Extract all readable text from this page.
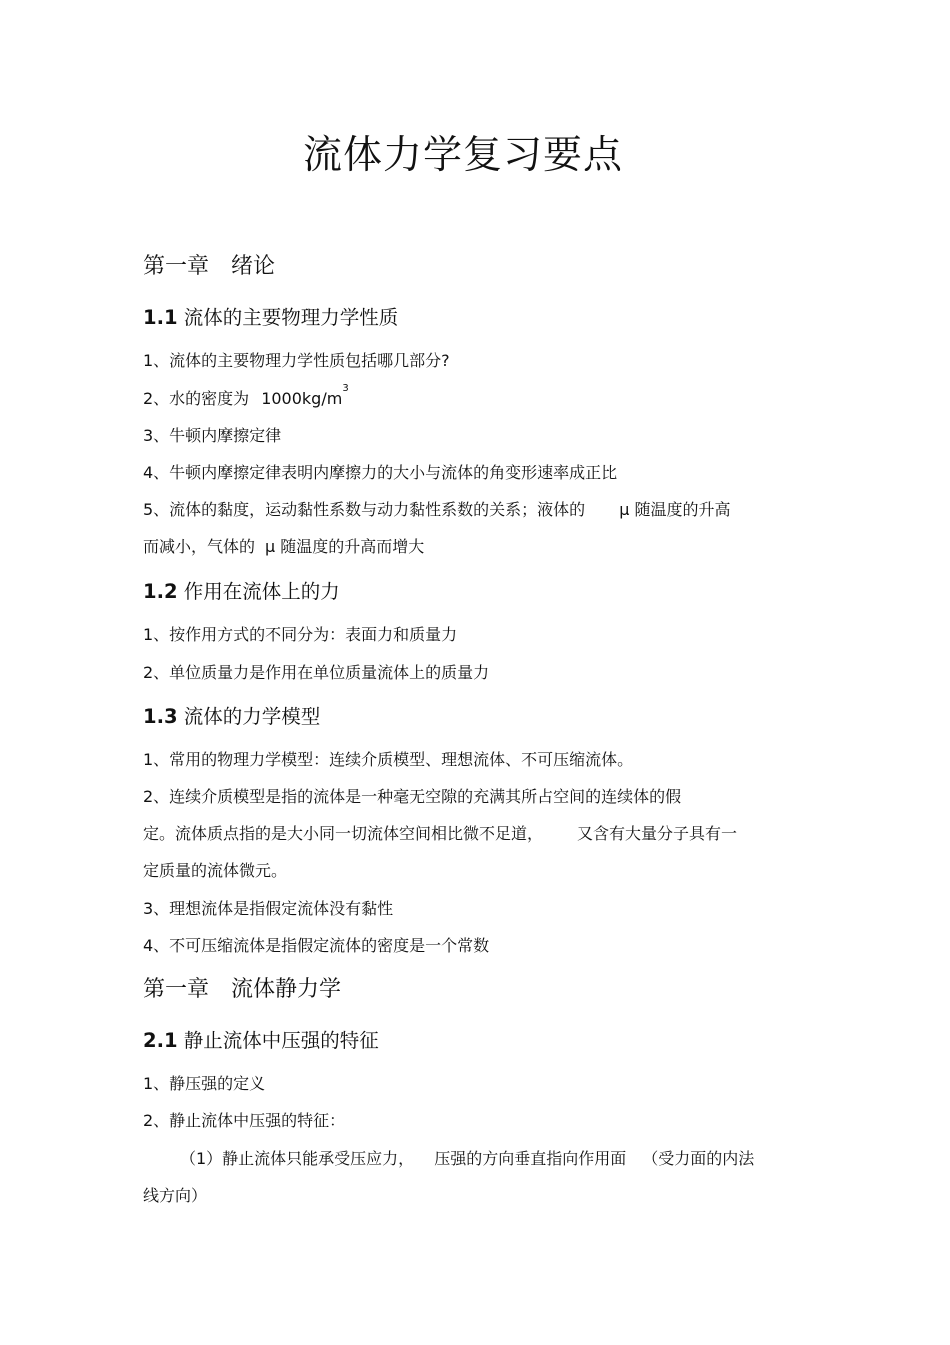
流体力学复习要点
第一章 绪论
1.1 流体的主要物理力学性质
1、流体的主要物理力学性质包括哪几部分?
2、水的密度为 $1000kg/m^3$
3、牛顿内摩擦定律
4、牛顿内摩擦定律表明内摩擦力的大小与流体的角变形速率成正比
5、流体的黏度，运动黏性系数与动力黏性系数的关系；液体的 μ 随温度的升高
而减小，气体的 μ 随温度的升高而增大
1.2 作用在流体上的力
1、按作用方式的不同分为：表面力和质量力
2、单位质量力是作用在单位质量流体上的质量力
1.3 流体的力学模型
1、常用的物理力学模型：连续介质模型、理想流体、不可压缩流体。
2、连续介质模型是指的流体是一种毫无空隙的充满其所占空间的连续体的假
定。流体质点指的是大小同一切流体空间相比微不足道， 又含有大量分子具有一
定质量的流体微元。
3、理想流体是指假定流体没有黏性
4、不可压缩流体是指假定流体的密度是一个常数
第一章 流体静力学
2.1 静止流体中压强的特征
1、静压强的定义
2、静止流体中压强的特征：
（1）静止流体只能承受压应力， 压强的方向垂直指向作用面 （受力面的内法
线方向）
